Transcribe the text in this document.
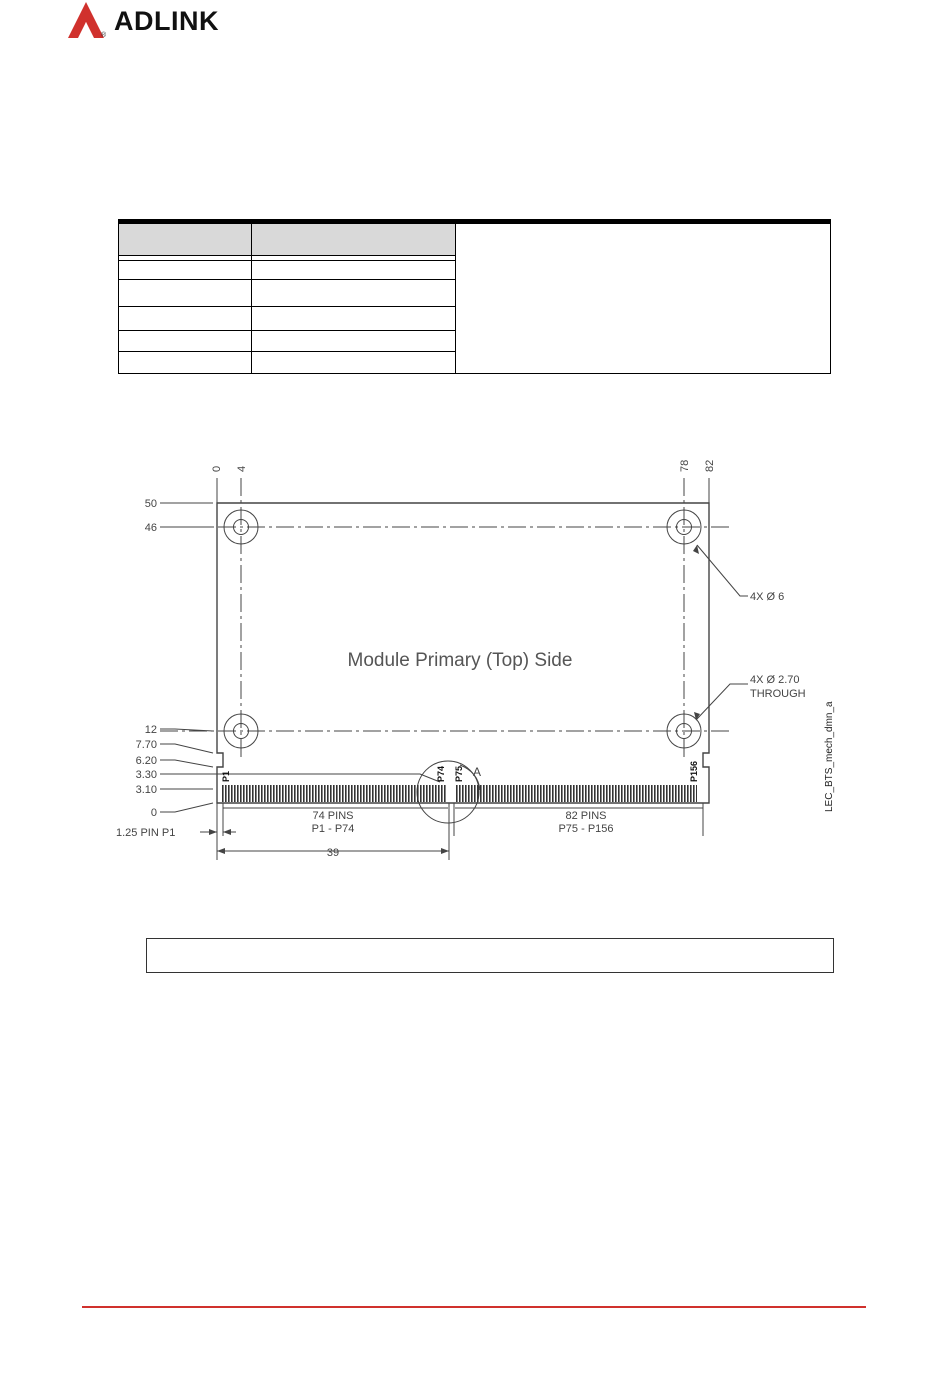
ADLINK
®
Module Primary (Top) Side
0 4	78 82
50
46
12
7.70
6.20
3.30
3.10
0
4X Ø 6
4X Ø 2.70
THROUGH
P1	P74 P75	P156
A
74 PINS
P1 - P74
82 PINS
P75 - P156
39
1.25 PIN P1
LEC_BTS_mech_dmn_a
